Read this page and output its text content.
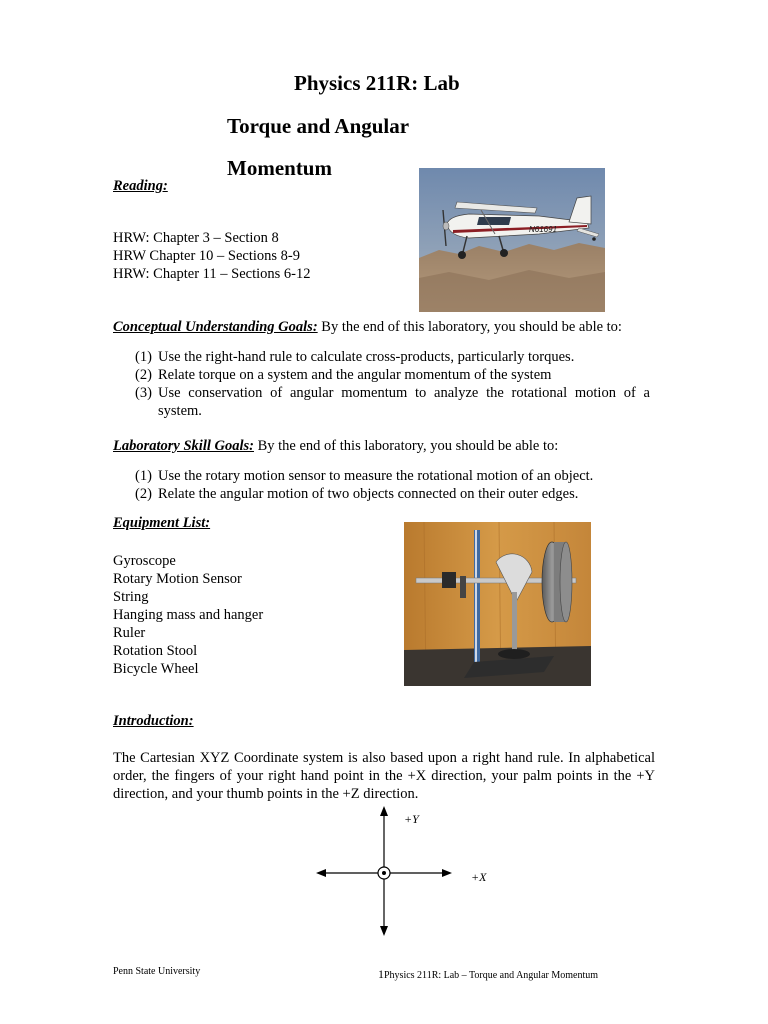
Physics 211R: Lab
Torque and Angular
Momentum
Reading:
HRW: Chapter 3 – Section 8
HRW Chapter 10 – Sections 8-9
HRW: Chapter 11 – Sections 6-12
N61691
Conceptual Understanding Goals: By the end of this laboratory, you should be able to:
(1) Use the right-hand rule to calculate cross-products, particularly torques.
(2) Relate torque on a system and the angular momentum of the system
(3) Use conservation of angular momentum to analyze the rotational motion of a system.
Laboratory Skill Goals: By the end of this laboratory, you should be able to:
(1) Use the rotary motion sensor to measure the rotational motion of an object.
(2) Relate the angular motion of two objects connected on their outer edges.
Equipment List:
Gyroscope
Rotary Motion Sensor
String
Hanging mass and hanger
Ruler
Rotation Stool
Bicycle Wheel
Introduction:
The Cartesian XYZ Coordinate system is also based upon a right hand rule. In alphabetical order, the fingers of your right hand point in the +X direction, your palm points in the +Y direction, and your thumb points in the +Z direction.
+Y
+X
Penn State University	1Physics 211R: Lab – Torque and Angular Momentum
